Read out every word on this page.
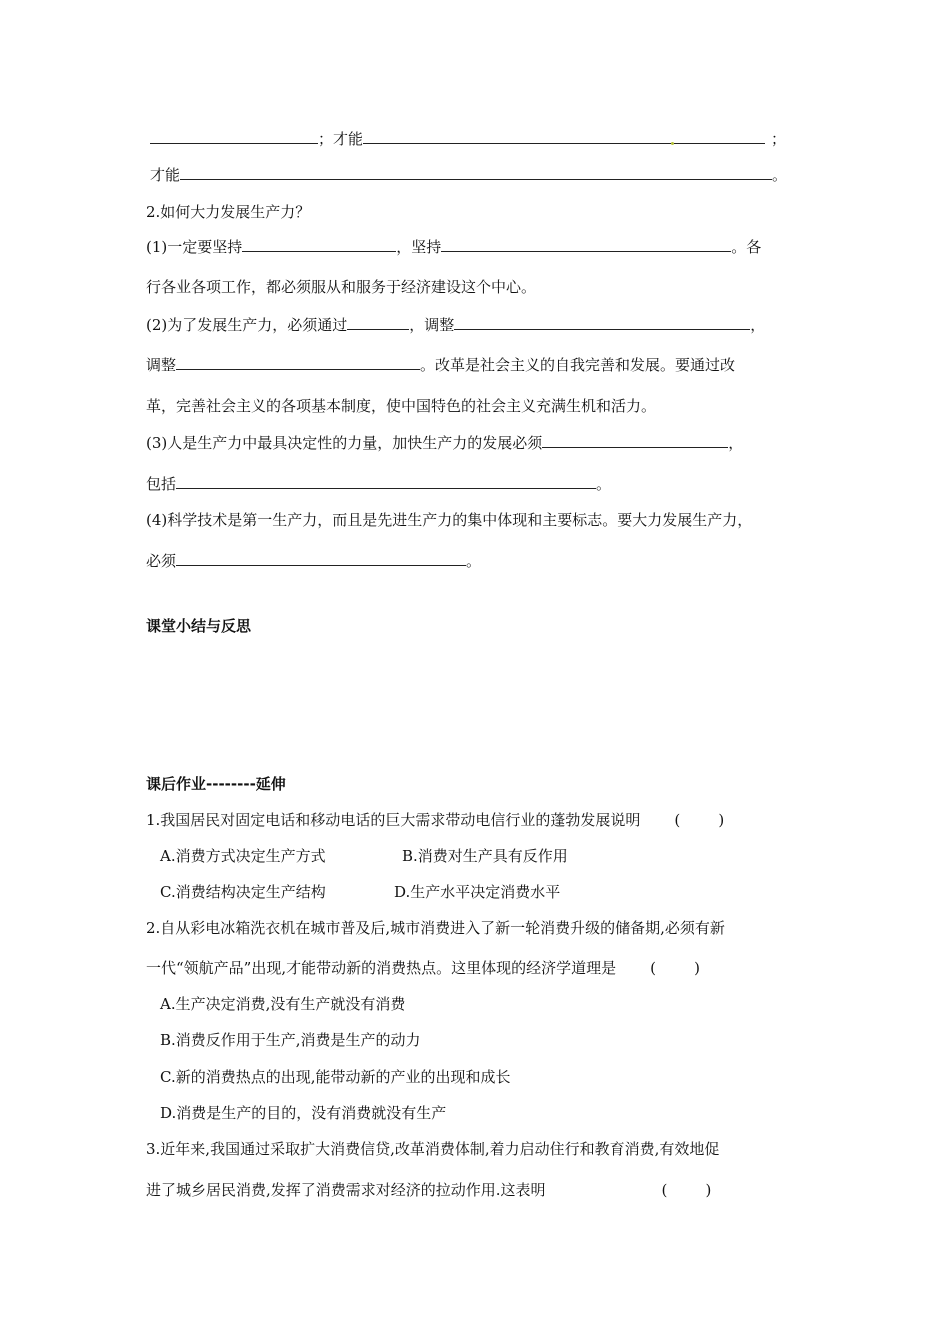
；才能	；
才能	。
2.如何大力发展生产力？
(1)一定要坚持	，坚持	。各
行各业各项工作，都必须服从和服务于经济建设这个中心。
(2)为了发展生产力，必须通过	，调整	，
调整	。改革是社会主义的自我完善和发展。要通过改
革，完善社会主义的各项基本制度，使中国特色的社会主义充满生机和活力。
(3)人是生产力中最具决定性的力量，加快生产力的发展必须	，
包括	。
(4)科学技术是第一生产力，而且是先进生产力的集中体现和主要标志。要大力发展生产力，
必须	。
课堂小结与反思
课后作业--------延伸
1.我国居民对固定电话和移动电话的巨大需求带动电信行业的蓬勃发展说明 (        )
A.消费方式决定生产方式	B.消费对生产具有反作用
C.消费结构决定生产结构	D.生产水平决定消费水平
2.自从彩电冰箱洗衣机在城市普及后,城市消费进入了新一轮消费升级的储备期,必须有新
一代“领航产品”出现,才能带动新的消费热点。这里体现的经济学道理是 (        )
A.生产决定消费,没有生产就没有消费
B.消费反作用于生产,消费是生产的动力
C.新的消费热点的出现,能带动新的产业的出现和成长
D.消费是生产的目的，没有消费就没有生产
3.近年来,我国通过采取扩大消费信贷,改革消费体制,着力启动住行和教育消费,有效地促
进了城乡居民消费,发挥了消费需求对经济的拉动作用.这表明	(        )
